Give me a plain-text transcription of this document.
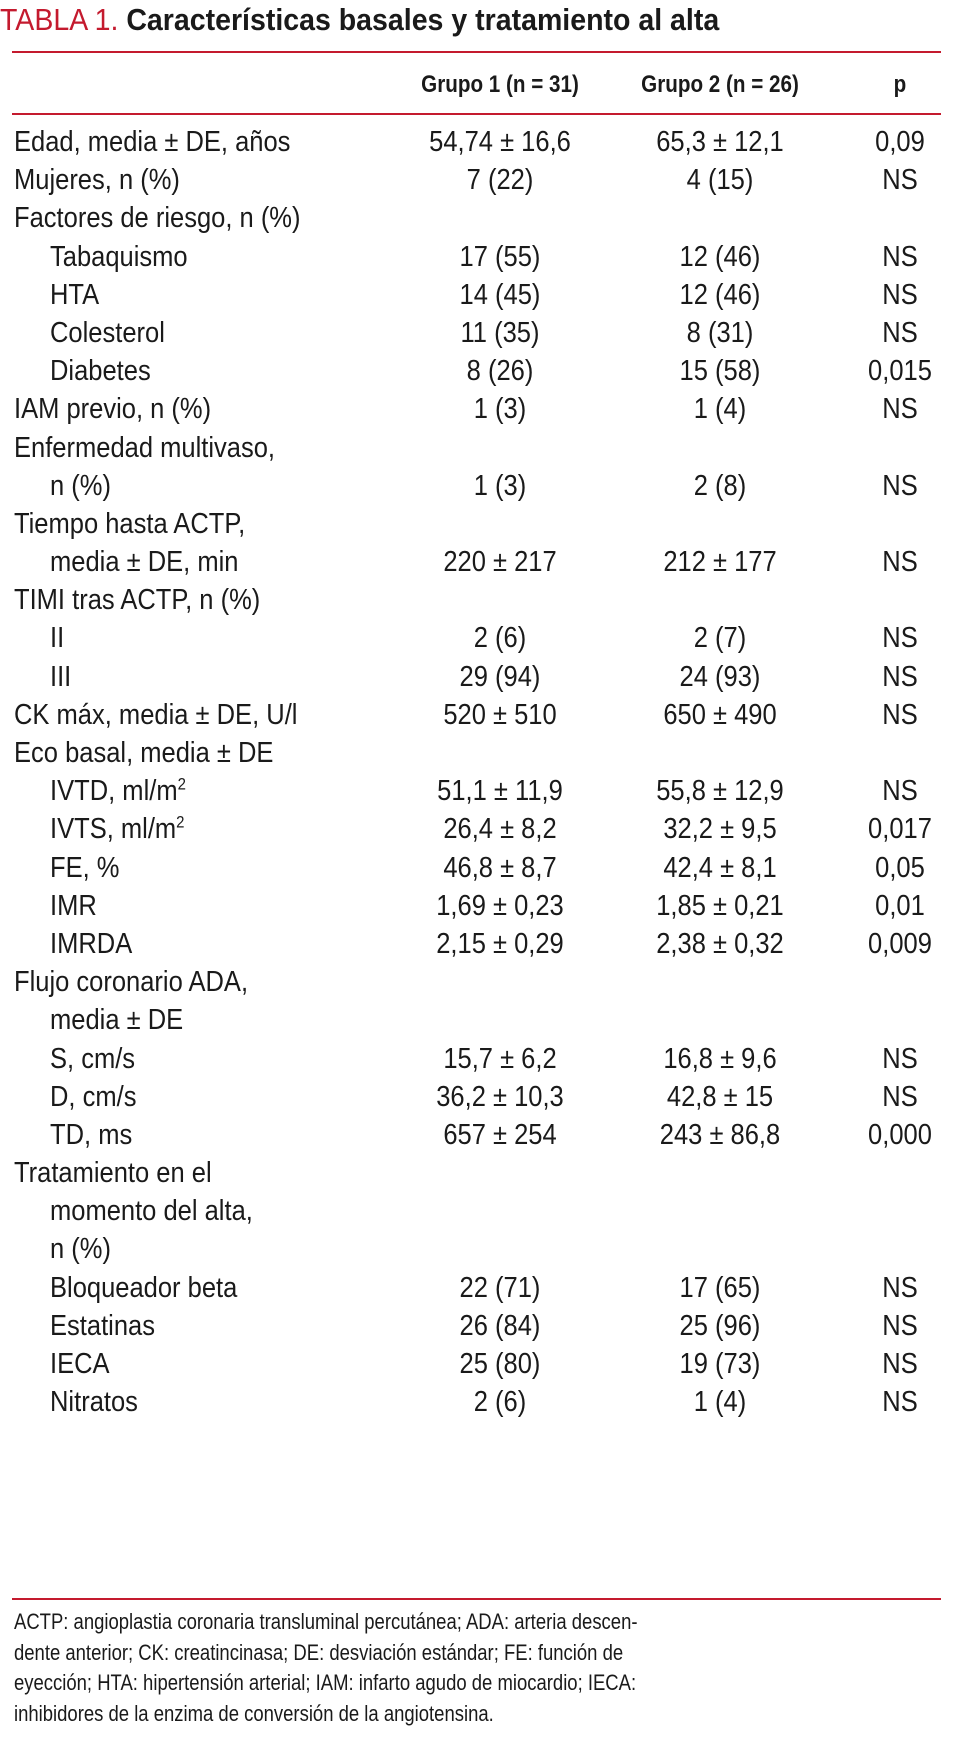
TABLA 1. Características basales y tratamiento al alta
Grupo 1 (n = 31)	Grupo 2 (n = 26)	p
Edad, media ± DE, años	54,74 ± 16,6	65,3 ± 12,1	0,09
Mujeres, n (%)	7 (22)	4 (15)	NS
Factores de riesgo, n (%)
Tabaquismo	17 (55)	12 (46)	NS
HTA	14 (45)	12 (46)	NS
Colesterol	11 (35)	8 (31)	NS
Diabetes	8 (26)	15 (58)	0,015
IAM previo, n (%)	1 (3)	1 (4)	NS
Enfermedad multivaso,
n (%)	1 (3)	2 (8)	NS
Tiempo hasta ACTP,
media ± DE, min	220 ± 217	212 ± 177	NS
TIMI tras ACTP, n (%)
II	2 (6)	2 (7)	NS
III	29 (94)	24 (93)	NS
CK máx, media ± DE, U/l	520 ± 510	650 ± 490	NS
Eco basal, media ± DE
IVTD, $ml/m^2$	51,1 ± 11,9	55,8 ± 12,9	NS
IVTS, $ml/m^2$	26,4 ± 8,2	32,2 ± 9,5	0,017
FE, %	46,8 ± 8,7	42,4 ± 8,1	0,05
IMR	1,69 ± 0,23	1,85 ± 0,21	0,01
IMRDA	2,15 ± 0,29	2,38 ± 0,32	0,009
Flujo coronario ADA,
media ± DE
S, cm/s	15,7 ± 6,2	16,8 ± 9,6	NS
D, cm/s	36,2 ± 10,3	42,8 ± 15	NS
TD, ms	657 ± 254	243 ± 86,8	0,000
Tratamiento en el
momento del alta,
n (%)
Bloqueador beta	22 (71)	17 (65)	NS
Estatinas	26 (84)	25 (96)	NS
IECA	25 (80)	19 (73)	NS
Nitratos	2 (6)	1 (4)	NS
ACTP: angioplastia coronaria transluminal percutánea; ADA: arteria descen-
dente anterior; CK: creatincinasa; DE: desviación estándar; FE: función de
eyección; HTA: hipertensión arterial; IAM: infarto agudo de miocardio; IECA:
inhibidores de la enzima de conversión de la angiotensina.
